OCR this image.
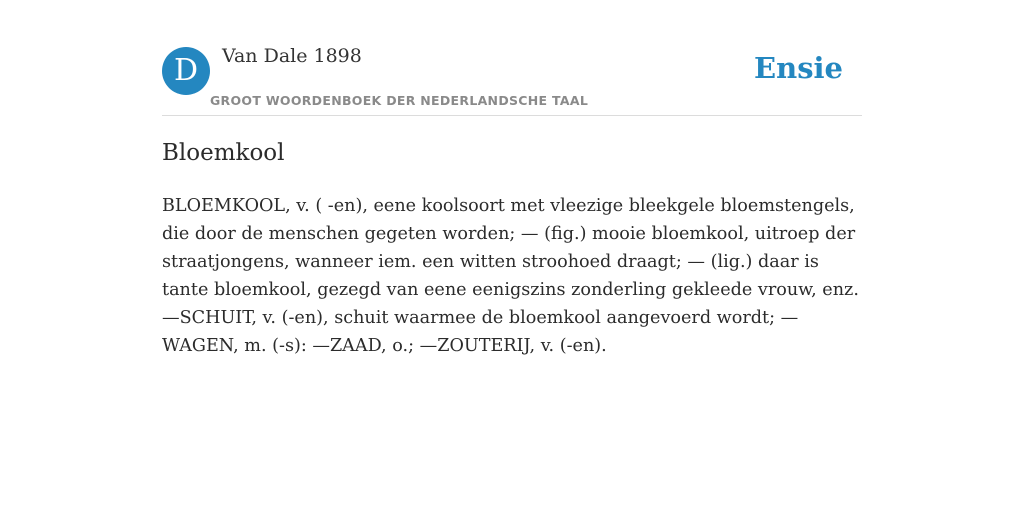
D	Van Dale 1898
GROOT WOORDENBOEK DER NEDERLANDSCHE TAAL
Ensie
Bloemkool

BLOEMKOOL, v. ( -en), eene koolsoort met vleezige bleekgele bloemstengels, die door de menschen gegeten worden; — (fig.) mooie bloemkool, uitroep der straatjongens, wanneer iem. een witten stroohoed draagt; — (lig.) daar is tante bloemkool, gezegd van eene eenigszins zonderling gekleede vrouw, enz. —SCHUIT, v. (-en), schuit waarmee de bloemkool aangevoerd wordt; —WAGEN, m. (-s): —ZAAD, o.; —ZOUTERIJ, v. (-en).
